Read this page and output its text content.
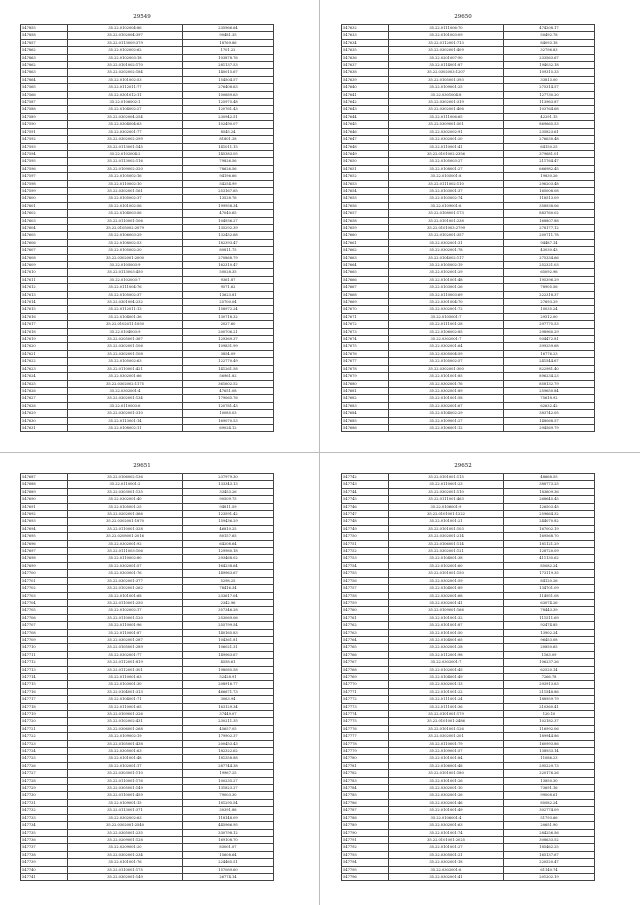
29549
547855	35.22.0102004:86	235966.64
547858	35.22.0102004:397	90481.35
547857	35.22.0113009:379	18769.86
547862	35.22.0102002:62	1701.22
547863	35.22.0102003:18	103878.76
547862	35.22.0101002:170	281137.53
547863	35.22.0202002:184	140015.67
547864	35.22.0101002:53	154504.57
547565	35.22.0112011:77	276408.63
547566	35.22.0301012:11	100689.63
547587	35.22.0106002:1	125975.48
547588	35.22.0104002:27	120761.43
547589	35.22.0302004:254	230942.51
547590	35.22.0304004:63	102490.07
547591	35.22.0302001:77	8545.24
547592	35.22.0302002:299	81801.28
547593	35.22.0113001:145	141011.15
547594	35.22.0102004:2	145383.05
547595	35.22.0113002:116	79826.56
547596	35.22.0109002:320	78626.56
547597	35.22.0105002:16	94196.66
547598	35.22.0110002:10	54254.99
547599	35.22.0302001:161	253167.65
547600	35.22.0105002:37	13528.76
547601	35.22.0101002:56	199958.34
547602	35.22.0104003:56	47040.65
547603	35.22.0110001:106	104936.27
547604	35.22.0105002:2079	135292.39
547605	35.22.0106003:29	132452.68
547606	35.22.0108002:53	182393.47
547607	35.22.0105002:20	80811.75
547608	35.22.0302001:2000	270868.79
547609	35.22.0105003:9	162310.47
547610	35.22.0113003:450	50028.35
547611	35.22.0102003:7	9361.87
547612	35.22.0111004:76	9571.62
547613	35.22.0105002:37	13623.81
547614	35.22.0301004:232	25700.04
547615	35.22.0112011:13	158972.24
547616	35.22.0104001:36	130718.32
547617	35.22.0102011:1050	2027.60
547618	35.22.0104003:9	200706.21
547619	35.22.0205001:367	129369.37
547620	35.22.0302001:106	109831.99
547621	35.22.0302001:108	3854.09
547622	35.22.0105002:63	122770.49
547623	35.22.0110001:421	141261.58
547624	35.22.0302001:66	56961.82
547625	35.22.0302002:1175	361602.52
547626	35.22.0302001:4	47651.08
547627	35.22.0302001:134	179065.76
547628	35.22.0110003:6	120781.43
547629	35.22.0302001:310	10085.03
547630	35.22.0113001:14	169070.53
547631	35.22.0108002:11	69024.12
29650
547632	35.22.0111006:70	474208.17
547633	35.22.0101003:09	50492.78
547634	35.22.0112001:713	84093.18
547635	35.22.0302001:409	32796.83
547636	35.22.0201007:90	233563.67
547637	35.22.0114001:87	194032.18
547638	35.22.0302003:1207	109315.33
547639	35.22.0105001:393	33813.00
547640	35.22.0109001:25	275314.57
547641	35.22.0301004:8	127730.20
547642	35.22.0302001:319	113963.87
547643	35.22.0302001:406	103764.68
547644	35.22.0111006:65	42291.15
547645	35.22.0309001:501	869665.53
547646	35.22.0302002:91	235823.61
547647	35.22.0302001:20	276630.48
547648	35.22.0110001:41	64150.25
547649	35.22.0101002:2356	379681.01
547650	35.22.0105003:27	211764.47
547651	35.22.0108001:27	666982.45
547652	35.22.0105001:8	19830.26
547653	35.22.0111002:110	296203.48
547654	35.22.0103001:37	165008.08
547655	35.22.0103002:74	118513.09
547656	35.22.0109001:6	358938.06
547657	35.22.0108001:173	883760.02
547658	35.22.0101001:238	168807.88
547659	35.22.0101003:2799	278177.12
547660	35.22.0102001:357	200711.78
547661	35.22.0302001:31	94487.14
547662	35.22.0302001:78	43030.43
547663	35.22.0104002:117	275334.66
547664	35.22.0105002:19	252321.03
547665	35.22.0102001:29	65092.96
547666	35.22.0101001:48	195396.29
547667	35.22.0103001:26	78905.56
547668	35.22.0110003:69	222318.37
547669	35.22.0301004:70	27693.29
547670	35.22.0302001:72	10035.24
547671	35.22.0105001:7	29512.00
547672	35.22.0111001:28	297775.53
547673	35.22.0106002:85	298960.29
547674	35.22.0302001:7	934472.81
547675	35.22.0302001:64	399259.68
547676	35.22.0305004:59	16776.23
547677	35.22.0105002:57	241544.67
547678	35.22.0302001:300	822981.40
547679	35.22.0101001:85	896234.23
547680	35.22.0302001:76	858132.79
547681	35.22.0302001:89	259650.84
547682	35.22.0101001:58	75618.92
547683	35.22.0302001:67	62632.42
547684	35.22.0104002:29	383742.05
547685	35.22.0109001:27	148068.57
547686	35.22.0106001:12	294569.79
29651
547687	35.22.0106002:136	237979.30
547688	35.22.0110001:2	133343.13
547689	35.22.0303001:135	33453.26
547690	35.22.0302001:40	90509.75
547691	35.22.0105001:25	94811.59
547692	35.22.0202001:366	123591.42
547693	35.22.0302001:1870	159436.29
547694	35.22.0110001:328	46810.25
547695	35.22.0208001:2016	80157.65
547696	35.22.0302001:92	64208.64
547697	35.22.0111003:106	129980.18
547698	35.22.0110002:80	293468.02
547699	35.22.0302001:57	164238.64
547700	35.22.0303001:76	149963.67
547701	35.22.0302001:377	5298.25
547702	35.22.0102001:262	78416.34
547703	35.22.0101001:68	233617.04
547704	35.22.0110001:250	2342.96
547705	35.22.0102002:17	357346.28
547706	35.22.0110001:120	253069.06
547707	35.22.0110001:96	255799.54
547708	35.22.0110001:87	140165.83
547709	35.22.0302001:287	104361.81
547710	35.22.0105001:289	106021.31
547711	35.22.0302001:77	149963.67
547712	35.22.0112001:819	4558.61
547713	35.22.0112001:301	198085.58
547714	35.22.0110001:63	52428.91
547715	35.22.0103001:30	208916.77
547716	35.22.0104001:313	466671.73
547717	35.22.0104001:71	3063.94
547718	35.22.0110001:65	163129.34
547719	35.22.0109001:226	37449.07
547720	35.22.0102002:431	230211.35
547721	35.22.0306001:268	45657.05
547722	35.22.0109002:19	179902.37
547723	35.22.0105001:438	200453.43
547724	35.22.0305001:63	182322.62
547725	35.22.0101001:48	181358.88
547726	35.22.0102001:17	287744.38
547727	35.22.0303001:110	19967.25
547728	35.22.0110001:176	100235.27
547729	35.22.0305001:149	131823.27
547730	35.22.0110001:459	79003.30
547731	35.22.0109001:15	181295.54
547732	35.22.0113001:371	30391.88
547733	35.22.0302002:63	118148.09
547734	35.22.0302001:2540	445966.95
547735	35.22.0305001:235	330798.12
547736	35.22.0209001:128	169108.70
547737	35.22.0209001:20	83001.07
547738	35.22.0302001:234	15608.64
547739	35.22.0101001:76	224465.51
547740	35.22.0110001:175	157089.60
547741	35.22.0302001:149	26774.14
29652
547742	35.22.0101001:115	48668.55
547743	35.22.0110001:23	388773.25
547744	35.22.0302001:110	183609.36
547745	35.22.0111001:463	268645.45
547746	35.22.0106001:9	126503.45
547747	35.22.0101001:1222	259664.32
547748	35.22.0101001:21	244070.82
547749	35.22.0101001:103	167002.19
547750	35.22.0302001:214	169568.70
547751	35.22.0106001:114	181121.29
547752	35.22.0302001:121	128720.09
547753	35.22.0104001:38	411135.62
547754	35.22.0102001:60	85082.24
547755	35.22.0101001:150	173119.35
547756	35.22.0302001:59	84120.26
547757	35.22.0104001:89	134701.09
547758	35.22.0302001:68	114951.08
547759	35.22.0302001:41	63074.26
547760	35.22.0109001:166	78443.39
547761	35.22.0101001:32	111511.69
547762	35.22.0101001:87	92474.85
547763	35.22.0101001:50	13902.24
547764	35.22.0104001:65	96453.08
547765	35.22.0302001:28	20850.65
547766	35.22.0112001:98	1163.09
547767	35.22.0302001:7	106237.26
547768	35.22.0102001:45	62520.14
547769	35.22.0104001:49	7266.78
547770	35.22.0302001:13	293913.63
547771	35.22.0101001:22	211548.86
547772	35.22.0111001:24	188959.79
547773	35.22.0111001:36	210360.41
547774	35.22.0101001:179	120.10
547775	35.22.0101001:2486	102182.37
547776	35.22.0101001:126	116992.06
547777	35.22.0302001:201	189944.86
547778	35.22.0110001:79	160993.86
547779	35.22.0109001:57	138933.14
547780	35.22.0101001:84	11086.23
547781	35.22.0106001:48	295229.73
547782	35.22.0101001:180	220176.26
547783	35.22.0101001:26	13850.30
547784	35.22.0302001:10	73691.16
547785	35.22.0302001:26	99008.61
547786	35.22.0302001:46	85082.24
547787	35.22.0101001:49	302774.09
547788	35.22.0106001:4	51793.66
547789	35.22.0302001:63	20651.90
547790	35.22.0101001:74	284256.56
547791	35.22.0101001:2025	308633.52
547792	35.22.0101001:27	185462.25
547793	35.22.0305001:21	165137.67
547794	35.22.0302001:18	220520.47
547795	35.22.0302001:6	61140.74
547796	35.22.0302001:41	201202.19
